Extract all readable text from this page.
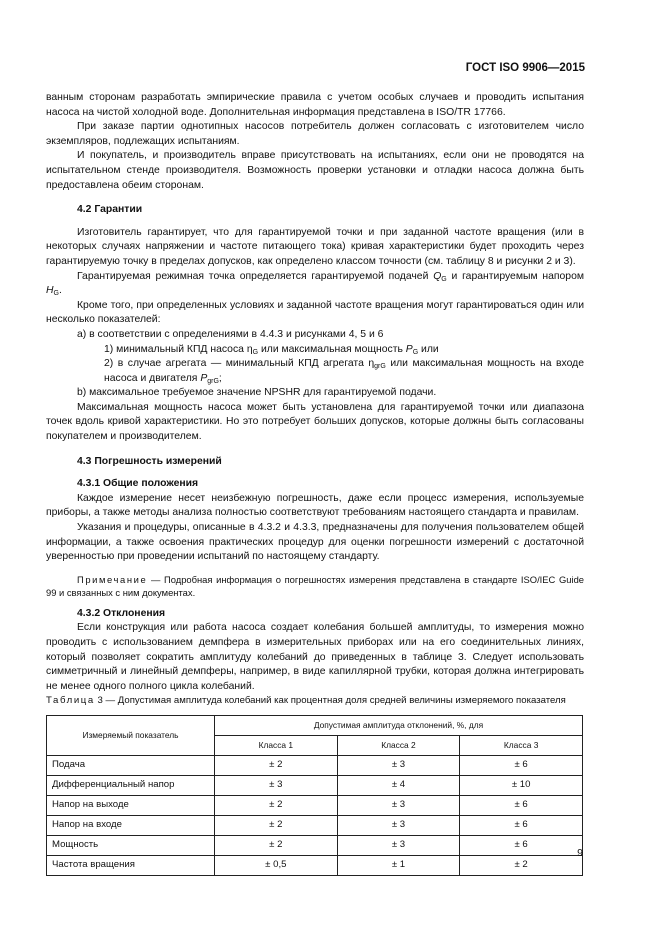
ГОСТ ISO 9906—2015

ванным сторонам разработать эмпирические правила с учетом особых случаев и проводить испытания насоса на чистой холодной воде. Дополнительная информация представлена в ISO/TR 17766.

При заказе партии однотипных насосов потребитель должен согласовать с изготовителем число экземпляров, подлежащих испытаниям.

И покупатель, и производитель вправе присутствовать на испытаниях, если они не проводятся на испытательном стенде производителя. Возможность проверки установки и отладки насоса должна быть предоставлена обеим сторонам.

4.2 Гарантии

Изготовитель гарантирует, что для гарантируемой точки и при заданной частоте вращения (или в некоторых случаях напряжении и частоте питающего тока) кривая характеристики будет проходить через гарантируемую точку в пределах допусков, как определено классом точности (см. таблицу 8 и рисунки 2 и 3).

Гарантируемая режимная точка определяется гарантируемой подачей $Q_G$ и гарантируемым напором $H_G$.

Кроме того, при определенных условиях и заданной частоте вращения могут гарантироваться один или несколько показателей:

а) в соответствии с определениями в 4.4.3 и рисунками 4, 5 и 6

1) минимальный КПД насоса $\eta_G$ или максимальная мощность $P_G$ или

2) в случае агрегата — минимальный КПД агрегата $\eta_{grG}$ или максимальная мощность на входе насоса и двигателя $P_{grG}$;

b) максимальное требуемое значение NPSHR для гарантируемой подачи.

Максимальная мощность насоса может быть установлена для гарантируемой точки или диапазона точек вдоль кривой характеристики. Но это потребует больших допусков, которые должны быть согласованы покупателем и производителем.

4.3 Погрешность измерений

4.3.1 Общие положения

Каждое измерение несет неизбежную погрешность, даже если процесс измерения, используемые приборы, а также методы анализа полностью соответствуют требованиям настоящего стандарта и правилам.

Указания и процедуры, описанные в 4.3.2 и 4.3.3, предназначены для получения пользователем общей информации, а также освоения практических процедур для оценки погрешности измерений с достаточной уверенностью при проведении испытаний по настоящему стандарту.

Примечание — Подробная информация о погрешностях измерения представлена в стандарте ISO/IEC Guide 99 и связанных с ним документах.

4.3.2 Отклонения

Если конструкция или работа насоса создает колебания большей амплитуды, то измерения можно проводить с использованием демпфера в измерительных приборах или на его соединительных линиях, который позволяет сократить амплитуду колебаний до приведенных в таблице 3. Следует использовать симметричный и линейный демпферы, например, в виде капиллярной трубки, которая должна интегрировать не менее одного полного цикла колебаний.

Таблица 3 — Допустимая амплитуда колебаний как процентная доля средней величины измеряемого показателя

Измеряемый показатель	Допустимая амплитуда отклонений, %, для		
	Класса 1	Класса 2	Класса 3
Подача	± 2	± 3	± 6
Дифференциальный напор	± 3	± 4	± 10
Напор на выходе	± 2	± 3	± 6
Напор на входе	± 2	± 3	± 6
Мощность	± 2	± 3	± 6
Частота вращения	± 0,5	± 1	± 2
9
